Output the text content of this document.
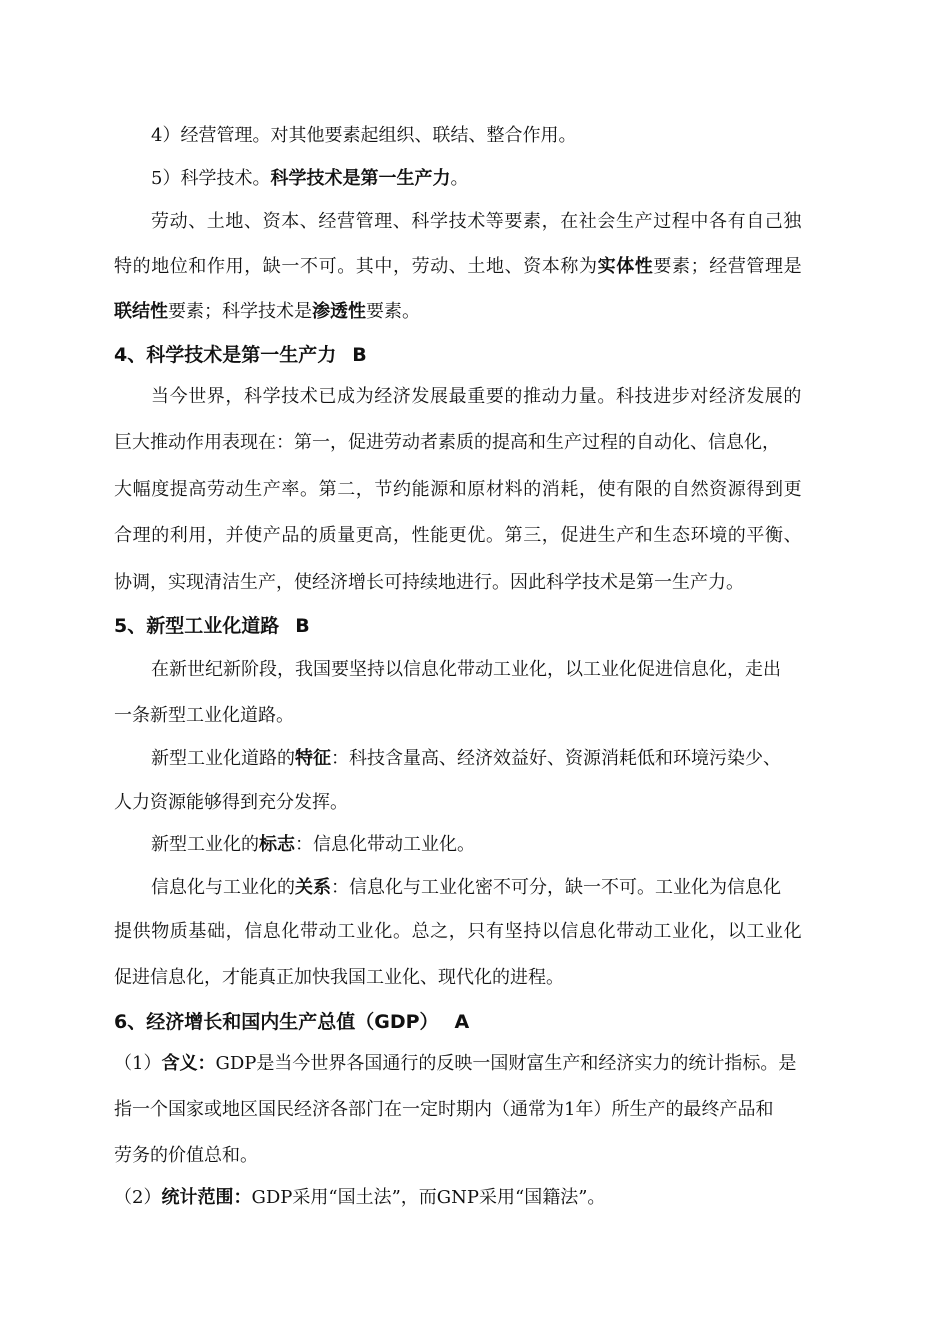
4）经营管理。对其他要素起组织、联结、整合作用。
5）科学技术。科学技术是第一生产力。
劳动、土地、资本、经营管理、科学技术等要素，在社会生产过程中各有自己独
特的地位和作用，缺一不可。其中，劳动、土地、资本称为实体性要素；经营管理是
联结性要素；科学技术是渗透性要素。
4、科学技术是第一生产力 B
当今世界，科学技术已成为经济发展最重要的推动力量。科技进步对经济发展的
巨大推动作用表现在：第一，促进劳动者素质的提高和生产过程的自动化、信息化，
大幅度提高劳动生产率。第二，节约能源和原材料的消耗，使有限的自然资源得到更
合理的利用，并使产品的质量更高，性能更优。第三，促进生产和生态环境的平衡、
协调，实现清洁生产，使经济增长可持续地进行。因此科学技术是第一生产力。
5、新型工业化道路 B
在新世纪新阶段，我国要坚持以信息化带动工业化，以工业化促进信息化，走出
一条新型工业化道路。
新型工业化道路的特征：科技含量高、经济效益好、资源消耗低和环境污染少、
人力资源能够得到充分发挥。
新型工业化的标志：信息化带动工业化。
信息化与工业化的关系：信息化与工业化密不可分，缺一不可。工业化为信息化
提供物质基础，信息化带动工业化。总之，只有坚持以信息化带动工业化，以工业化
促进信息化，才能真正加快我国工业化、现代化的进程。
6、经济增长和国内生产总值（GDP） A
（1）含义：GDP是当今世界各国通行的反映一国财富生产和经济实力的统计指标。是
指一个国家或地区国民经济各部门在一定时期内（通常为1年）所生产的最终产品和
劳务的价值总和。
（2）统计范围：GDP采用“国土法”，而GNP采用“国籍法”。
